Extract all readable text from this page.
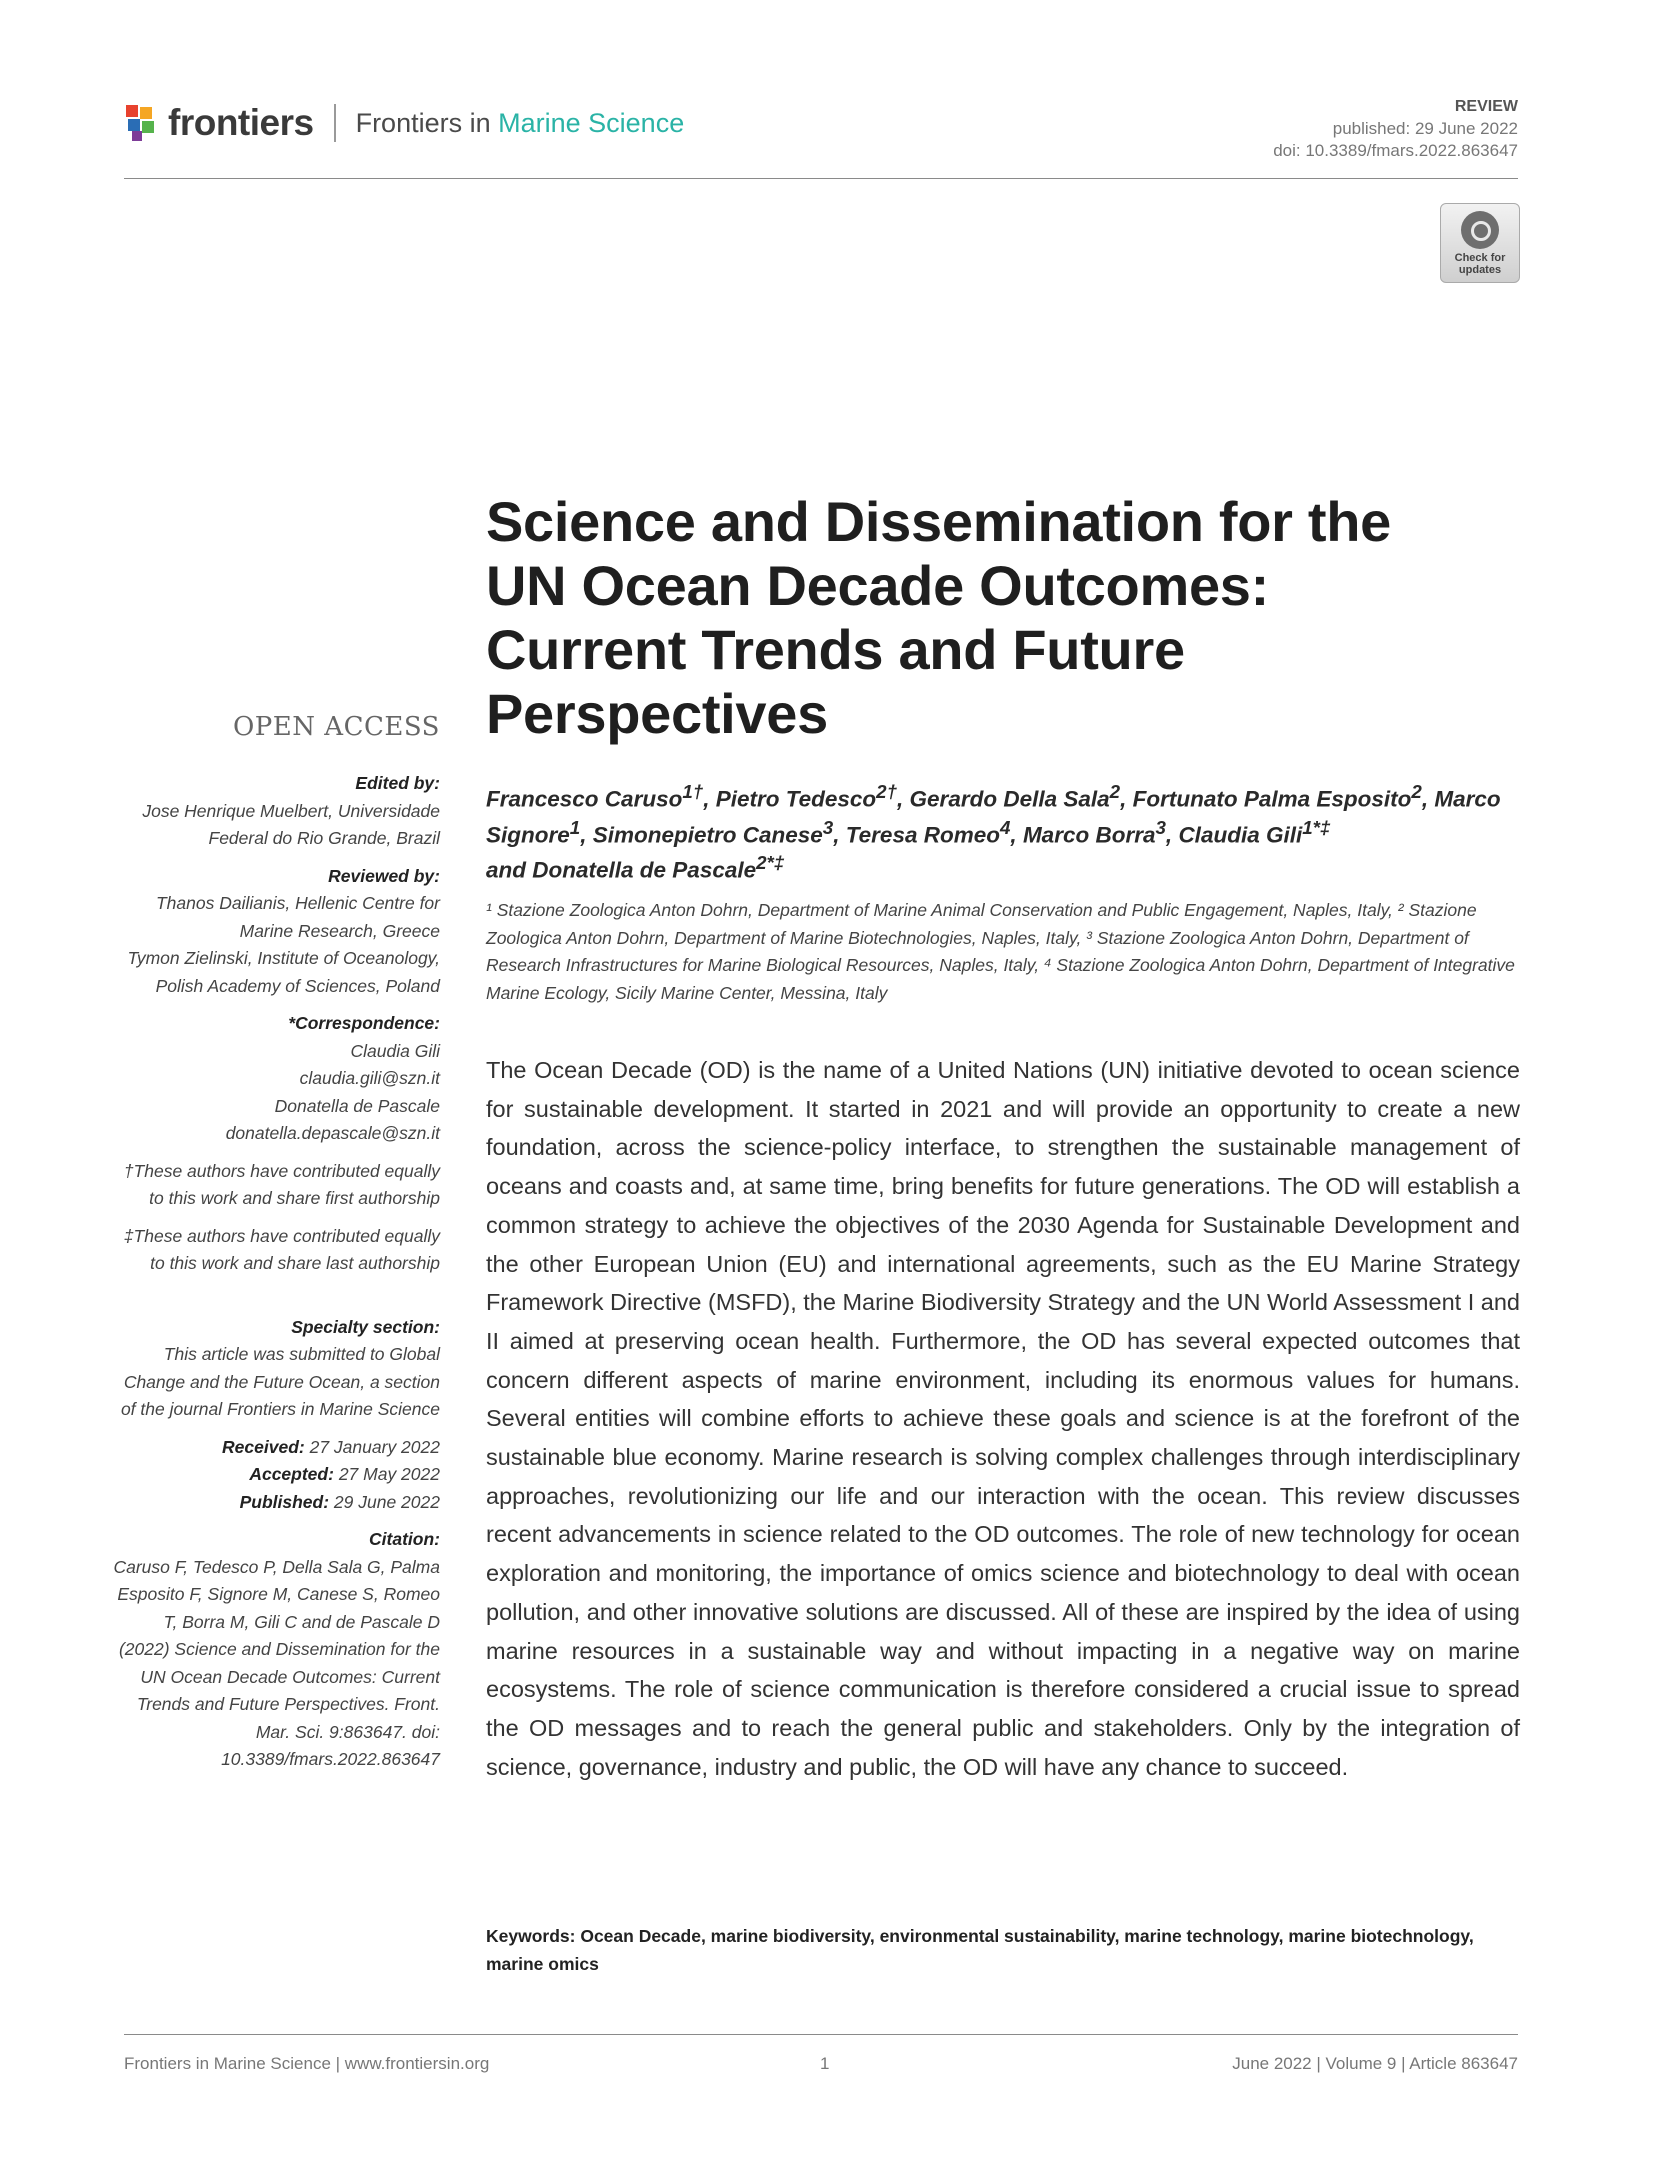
frontiers Frontiers in Marine Science
REVIEW
published: 29 June 2022
doi: 10.3389/fmars.2022.863647
Check for updates
Science and Dissemination for the UN Ocean Decade Outcomes: Current Trends and Future Perspectives
OPEN ACCESS
Edited by:
Jose Henrique Muelbert, Universidade Federal do Rio Grande, Brazil
Reviewed by:
Thanos Dailianis, Hellenic Centre for Marine Research, Greece
Tymon Zielinski, Institute of Oceanology, Polish Academy of Sciences, Poland
*Correspondence:
Claudia Gili
claudia.gili@szn.it
Donatella de Pascale
donatella.depascale@szn.it
†These authors have contributed equally to this work and share first authorship
‡These authors have contributed equally to this work and share last authorship
Specialty section:
This article was submitted to Global Change and the Future Ocean, a section of the journal Frontiers in Marine Science
Received: 27 January 2022
Accepted: 27 May 2022
Published: 29 June 2022
Citation:
Caruso F, Tedesco P, Della Sala G, Palma Esposito F, Signore M, Canese S, Romeo T, Borra M, Gili C and de Pascale D (2022) Science and Dissemination for the UN Ocean Decade Outcomes: Current Trends and Future Perspectives. Front. Mar. Sci. 9:863647. doi: 10.3389/fmars.2022.863647
Francesco Caruso$^{1\dagger}$, Pietro Tedesco$^{2\dagger}$, Gerardo Della Sala$^2$, Fortunato Palma Esposito$^2$, Marco Signore$^1$, Simonepietro Canese$^3$, Teresa Romeo$^4$, Marco Borra$^3$, Claudia Gili$^{1*\ddagger}$
and Donatella de Pascale$^{2*\ddagger}$
¹ Stazione Zoologica Anton Dohrn, Department of Marine Animal Conservation and Public Engagement, Naples, Italy, ² Stazione Zoologica Anton Dohrn, Department of Marine Biotechnologies, Naples, Italy, ³ Stazione Zoologica Anton Dohrn, Department of Research Infrastructures for Marine Biological Resources, Naples, Italy, ⁴ Stazione Zoologica Anton Dohrn, Department of Integrative Marine Ecology, Sicily Marine Center, Messina, Italy
The Ocean Decade (OD) is the name of a United Nations (UN) initiative devoted to ocean science for sustainable development. It started in 2021 and will provide an opportunity to create a new foundation, across the science-policy interface, to strengthen the sustainable management of oceans and coasts and, at same time, bring benefits for future generations. The OD will establish a common strategy to achieve the objectives of the 2030 Agenda for Sustainable Development and the other European Union (EU) and international agreements, such as the EU Marine Strategy Framework Directive (MSFD), the Marine Biodiversity Strategy and the UN World Assessment I and II aimed at preserving ocean health. Furthermore, the OD has several expected outcomes that concern different aspects of marine environment, including its enormous values for humans. Several entities will combine efforts to achieve these goals and science is at the forefront of the sustainable blue economy. Marine research is solving complex challenges through interdisciplinary approaches, revolutionizing our life and our interaction with the ocean. This review discusses recent advancements in science related to the OD outcomes. The role of new technology for ocean exploration and monitoring, the importance of omics science and biotechnology to deal with ocean pollution, and other innovative solutions are discussed. All of these are inspired by the idea of using marine resources in a sustainable way and without impacting in a negative way on marine ecosystems. The role of science communication is therefore considered a crucial issue to spread the OD messages and to reach the general public and stakeholders. Only by the integration of science, governance, industry and public, the OD will have any chance to succeed.
Keywords: Ocean Decade, marine biodiversity, environmental sustainability, marine technology, marine biotechnology, marine omics
Frontiers in Marine Science | www.frontiersin.org	1	June 2022 | Volume 9 | Article 863647
